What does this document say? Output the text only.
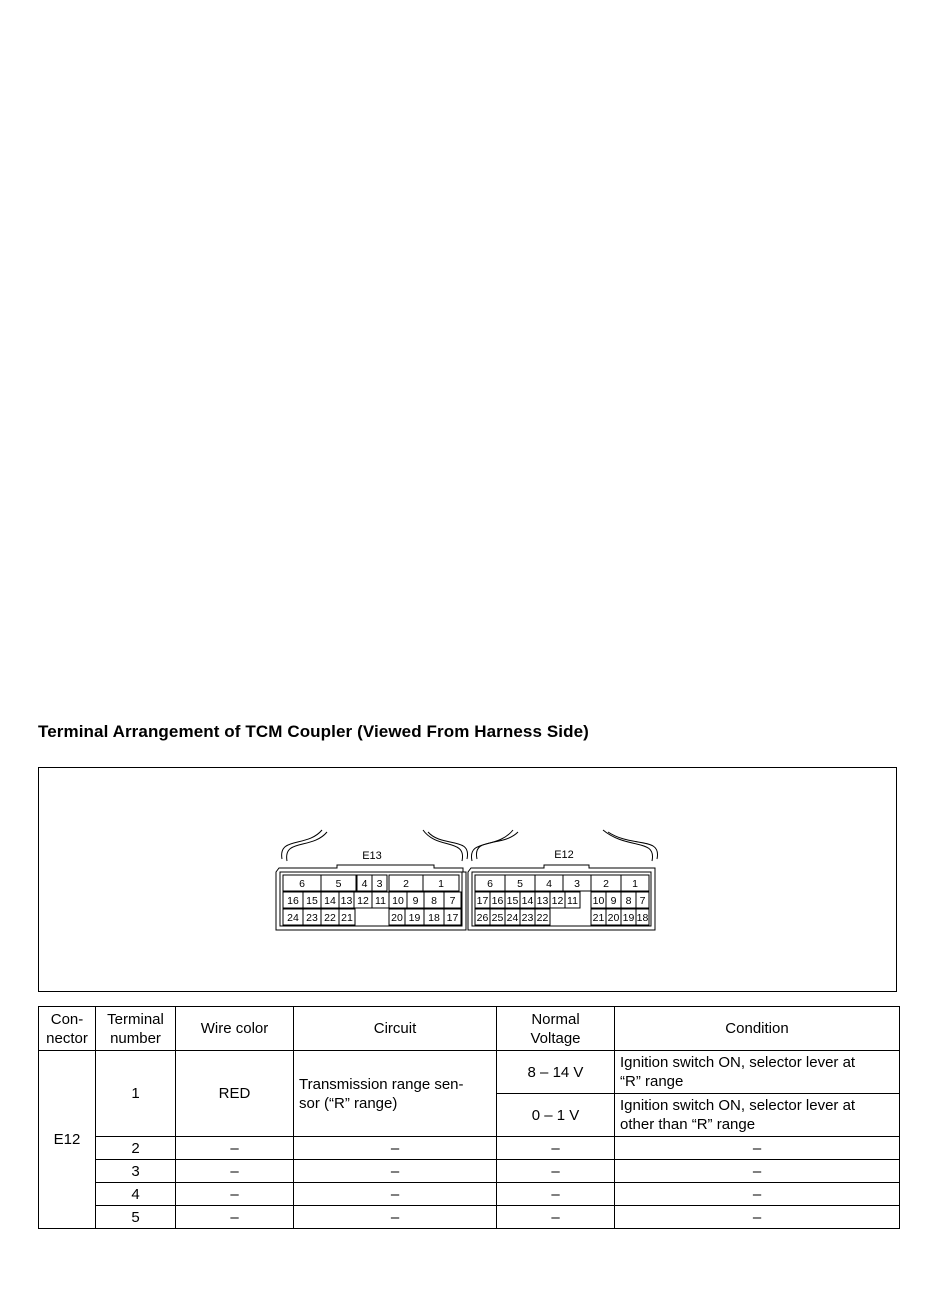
Terminal Arrangement of TCM Coupler (Viewed From Harness Side)
E13
6	5 4 3 2	1
16 15 14 13 12 11 10 9 8 7
24 23 22 21	20 19 18 17
E12
6 5 4 3 2 1
17 16 15 14 13 12 11 10 9 8 7
26 25 24 23 22	21 20 19 18
Con-
nector	Terminal
number	Wire color	Circuit	Normal
Voltage	Condition
E12	1	RED	Transmission range sen-
sor (“R” range)	8 – 14 V	Ignition switch ON, selector lever at
“R” range
				0 – 1 V	Ignition switch ON, selector lever at
other than “R” range
	2	–	–	–	–
	3	–	–	–	–
	4	–	–	–	–
	5	–	–	–	–
